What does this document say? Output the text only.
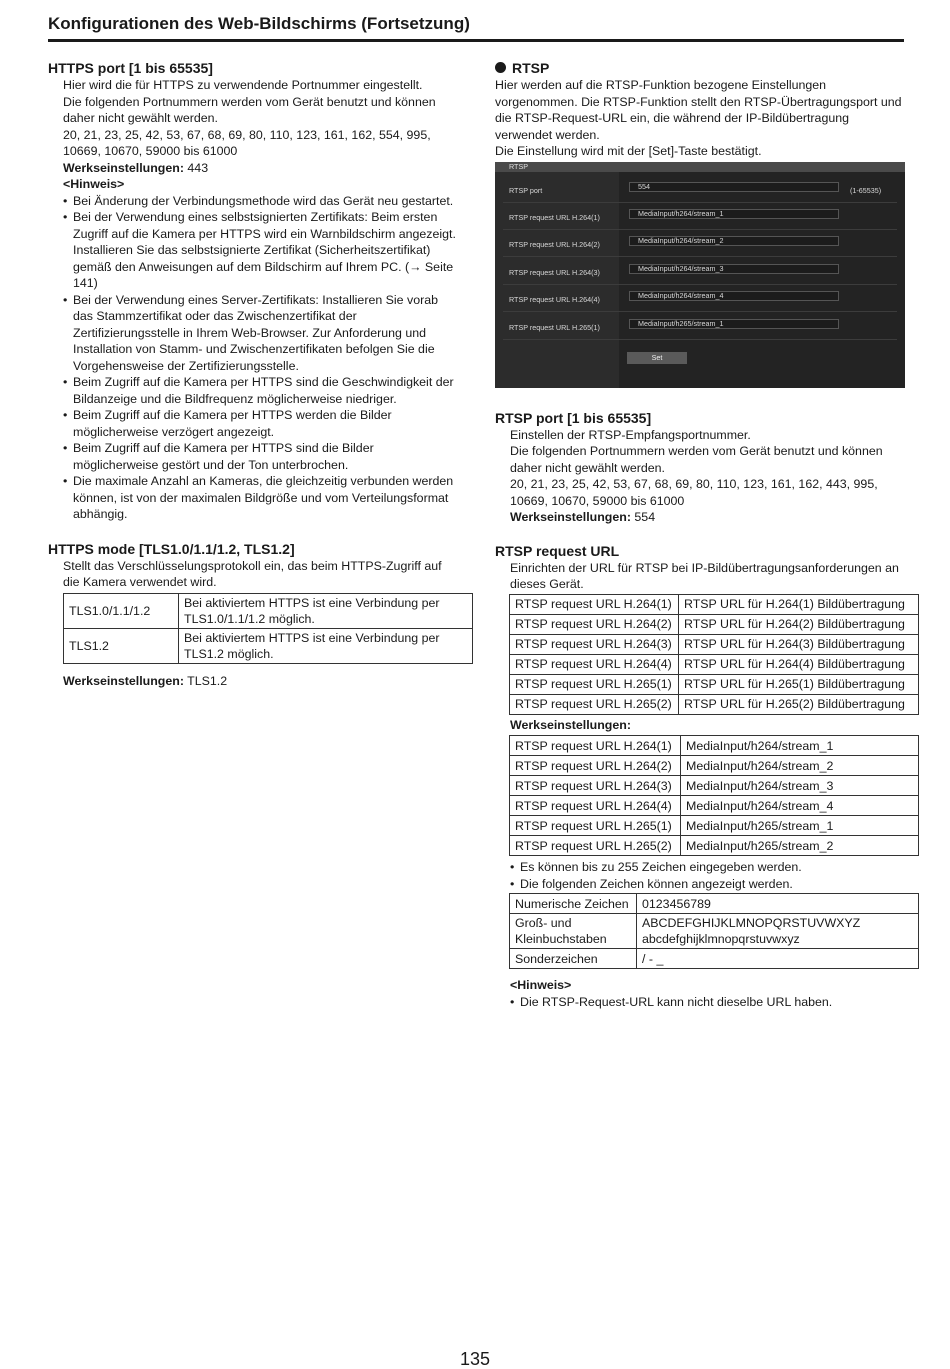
Konfigurationen des Web-Bildschirms (Fortsetzung)
HTTPS port [1 bis 65535]

Hier wird die für HTTPS zu verwendende Portnummer eingestellt.

Die folgenden Portnummern werden vom Gerät benutzt und können daher nicht gewählt werden.

20, 21, 23, 25, 42, 53, 67, 68, 69, 80, 110, 123, 161, 162, 554, 995, 10669, 10670, 59000 bis 61000

Werkseinstellungen: 443

<Hinweis>

• Bei Änderung der Verbindungsmethode wird das Gerät neu gestartet.
• Bei der Verwendung eines selbstsignierten Zertifikats: Beim ersten Zugriff auf die Kamera per HTTPS wird ein Warnbildschirm angezeigt. Installieren Sie das selbstsignierte Zertifikat (Sicherheitszertifikat) gemäß den Anweisungen auf dem Bildschirm auf Ihrem PC. (→ Seite 141)
• Bei der Verwendung eines Server-Zertifikats: Installieren Sie vorab das Stammzertifikat oder das Zwischenzertifikat der Zertifizierungsstelle in Ihrem Web-Browser. Zur Anforderung und Installation von Stamm- und Zwischenzertifikaten befolgen Sie die Vorgehensweise der Zertifizierungsstelle.
• Beim Zugriff auf die Kamera per HTTPS sind die Geschwindigkeit der Bildanzeige und die Bildfrequenz möglicherweise niedriger.
• Beim Zugriff auf die Kamera per HTTPS werden die Bilder möglicherweise verzögert angezeigt.
• Beim Zugriff auf die Kamera per HTTPS sind die Bilder möglicherweise gestört und der Ton unterbrochen.
• Die maximale Anzahl an Kameras, die gleichzeitig verbunden werden können, ist von der maximalen Bildgröße und vom Verteilungsformat abhängig.
HTTPS mode [TLS1.0/1.1/1.2, TLS1.2]

Stellt das Verschlüsselungsprotokoll ein, das beim HTTPS-Zugriff auf die Kamera verwendet wird.

TLS1.0/1.1/1.2	Bei aktiviertem HTTPS ist eine Verbindung per TLS1.0/1.1/1.2 möglich.
TLS1.2	Bei aktiviertem HTTPS ist eine Verbindung per TLS1.2 möglich.

Werkseinstellungen: TLS1.2

RTSP

Hier werden auf die RTSP-Funktion bezogene Einstellungen vorgenommen. Die RTSP-Funktion stellt den RTSP-Übertragungsport und die RTSP-Request-URL ein, die während der IP-Bildübertragung verwendet werden.

Die Einstellung wird mit der [Set]-Taste bestätigt.

RTSP
RTSP port	554	(1-65535)
RTSP request URL H.264(1)	MediaInput/h264/stream_1
RTSP request URL H.264(2)	MediaInput/h264/stream_2
RTSP request URL H.264(3)	MediaInput/h264/stream_3
RTSP request URL H.264(4)	MediaInput/h264/stream_4
RTSP request URL H.265(1)	MediaInput/h265/stream_1
Set
RTSP port [1 bis 65535]

Einstellen der RTSP-Empfangsportnummer.

Die folgenden Portnummern werden vom Gerät benutzt und können daher nicht gewählt werden.

20, 21, 23, 25, 42, 53, 67, 68, 69, 80, 110, 123, 161, 162, 443, 995, 10669, 10670, 59000 bis 61000

Werkseinstellungen: 554

RTSP request URL

Einrichten der URL für RTSP bei IP-Bildübertragungsanforderungen an dieses Gerät.

RTSP request URL H.264(1)	RTSP URL für H.264(1) Bildübertragung
RTSP request URL H.264(2)	RTSP URL für H.264(2) Bildübertragung
RTSP request URL H.264(3)	RTSP URL für H.264(3) Bildübertragung
RTSP request URL H.264(4)	RTSP URL für H.264(4) Bildübertragung
RTSP request URL H.265(1)	RTSP URL für H.265(1) Bildübertragung
RTSP request URL H.265(2)	RTSP URL für H.265(2) Bildübertragung

Werkseinstellungen:

RTSP request URL H.264(1)	MediaInput/h264/stream_1
RTSP request URL H.264(2)	MediaInput/h264/stream_2
RTSP request URL H.264(3)	MediaInput/h264/stream_3
RTSP request URL H.264(4)	MediaInput/h264/stream_4
RTSP request URL H.265(1)	MediaInput/h265/stream_1
RTSP request URL H.265(2)	MediaInput/h265/stream_2
• Es können bis zu 255 Zeichen eingegeben werden.
• Die folgenden Zeichen können angezeigt werden.
Numerische Zeichen	0123456789
Groß- und Kleinbuchstaben	ABCDEFGHIJKLMNOPQRSTUVWXYZ
abcdefghijklmnopqrstuvwxyz

Sonderzeichen	/ - _

<Hinweis>

• Die RTSP-Request-URL kann nicht dieselbe URL haben.
135
